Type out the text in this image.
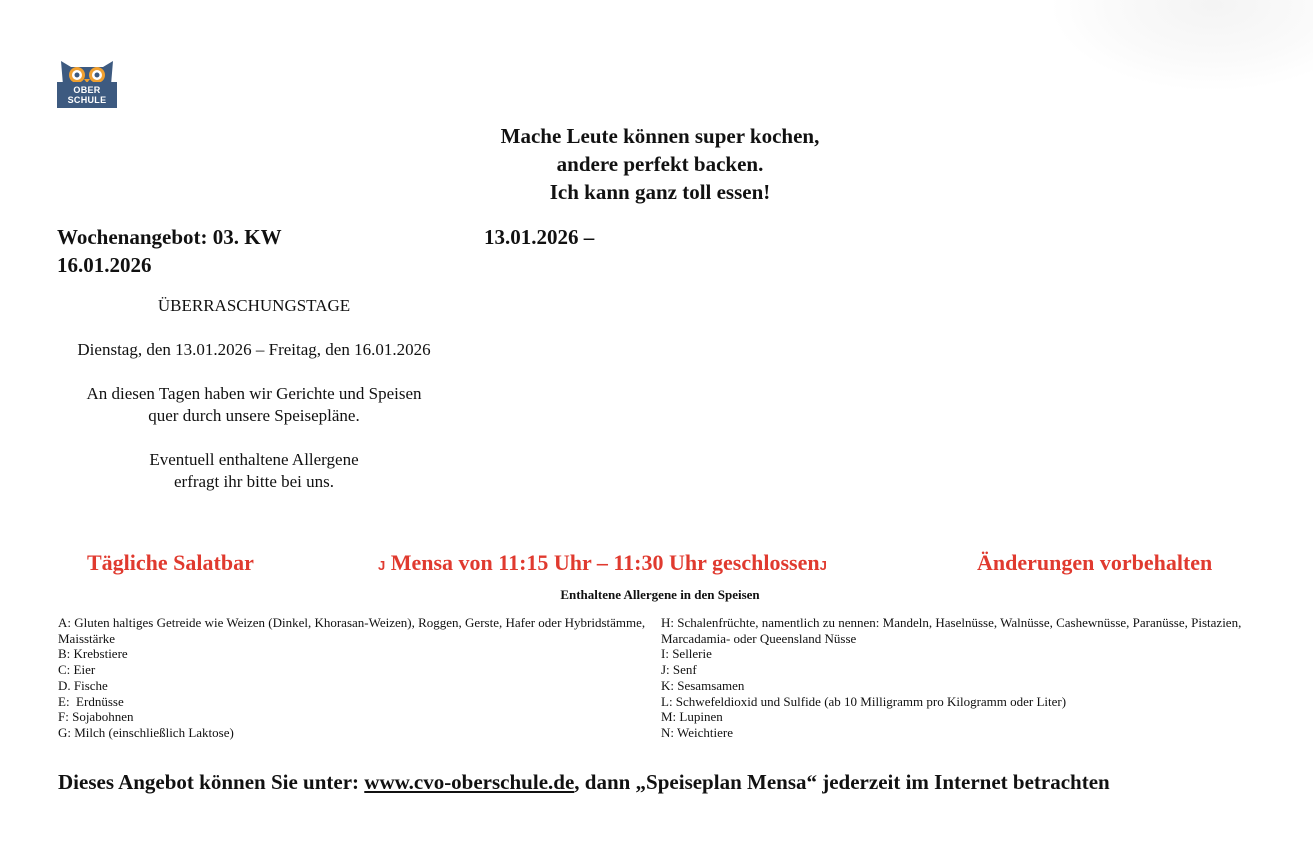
OBER
SCHULE
Mache Leute können super kochen,
andere perfekt backen.
Ich kann ganz toll essen!
Wochenangebot: 03. KW	13.01.2026 –
16.01.2026

ÜBERRASCHUNGSTAGE

Dienstag, den 13.01.2026 – Freitag, den 16.01.2026

An diesen Tagen haben wir Gerichte und Speisen

quer durch unsere Speisepläne.

Eventuell enthaltene Allergene

erfragt ihr bitte bei uns.

Tägliche Salatbar	J Mensa von 11:15 Uhr – 11:30 Uhr geschlossenJ	Änderungen vorbehalten
Enthaltene Allergene in den Speisen
A: Gluten haltiges Getreide wie Weizen (Dinkel, Khorasan-Weizen), Roggen, Gerste, Hafer oder Hybridstämme, Maisstärke
B: Krebstiere
C: Eier
D. Fische
E:  Erdnüsse
F: Sojabohnen
G: Milch (einschließlich Laktose)
H: Schalenfrüchte, namentlich zu nennen: Mandeln, Haselnüsse, Walnüsse, Cashewnüsse, Paranüsse, Pistazien, Marcadamia- oder Queensland Nüsse
I: Sellerie
J: Senf
K: Sesamsamen
L: Schwefeldioxid und Sulfide (ab 10 Milligramm pro Kilogramm oder Liter)
M: Lupinen
N: Weichtiere
Dieses Angebot können Sie unter: www.cvo-oberschule.de, dann „Speiseplan Mensa“ jederzeit im Internet betrachten
